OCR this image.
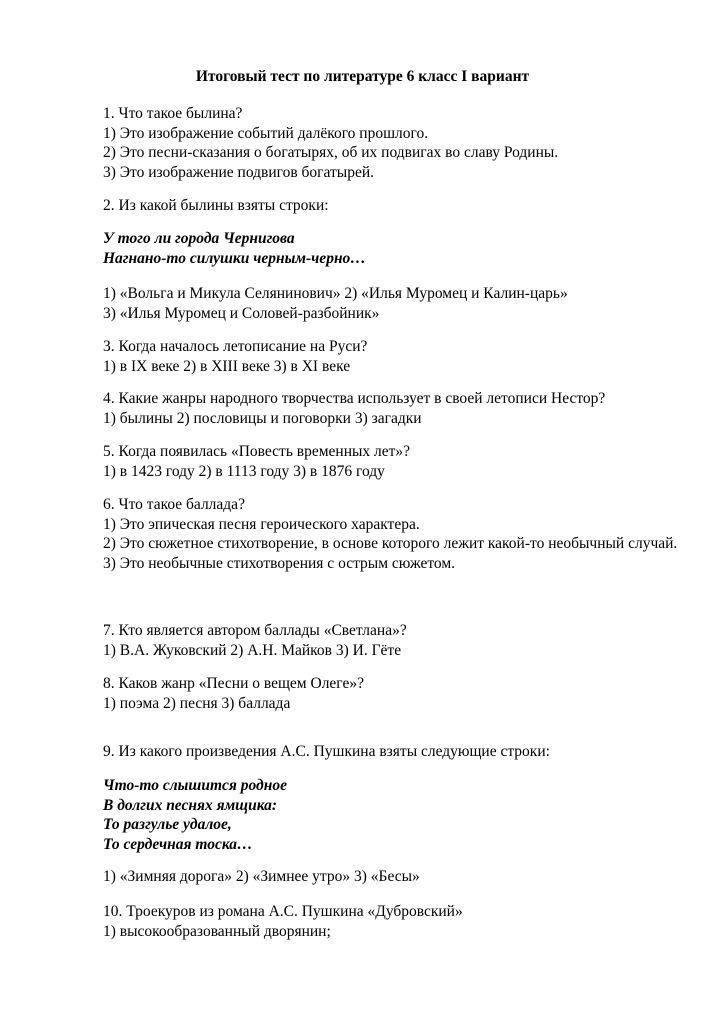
Итоговый тест по литературе 6 класс I вариант
1. Что такое былина?
1) Это изображение событий далёкого прошлого.
2) Это песни-сказания о богатырях, об их подвигах во славу Родины.
3) Это изображение подвигов богатырей.
2. Из какой былины взяты строки:
У того ли города Чернигова
Нагнано-то силушки черным-черно…
1) «Вольга и Микула Селянинович» 2) «Илья Муромец и Калин-царь»
3) «Илья Муромец и Соловей-разбойник»
3. Когда началось летописание на Руси?
1) в IX веке 2) в XIII веке 3) в XI веке
4. Какие жанры народного творчества использует в своей летописи Нестор?
1) былины 2) пословицы и поговорки 3) загадки
5. Когда появилась «Повесть временных лет»?
1) в 1423 году 2) в 1113 году 3) в 1876 году
6. Что такое баллада?
1) Это эпическая песня героического характера.
2) Это сюжетное стихотворение, в основе которого лежит какой-то необычный случай.
3) Это необычные стихотворения с острым сюжетом.
7. Кто является автором баллады «Светлана»?
1) В.А. Жуковский 2) А.Н. Майков 3) И. Гёте
8. Каков жанр «Песни о вещем Олеге»?
1) поэма 2) песня 3) баллада
9. Из какого произведения А.С. Пушкина взяты следующие строки:
Что-то слышится родное
В долгих песнях ямщика:
То разгулье удалое,
То сердечная тоска…
1) «Зимняя дорога» 2) «Зимнее утро» 3) «Бесы»
10. Троекуров из романа А.С. Пушкина «Дубровский»
1) высокообразованный дворянин;
